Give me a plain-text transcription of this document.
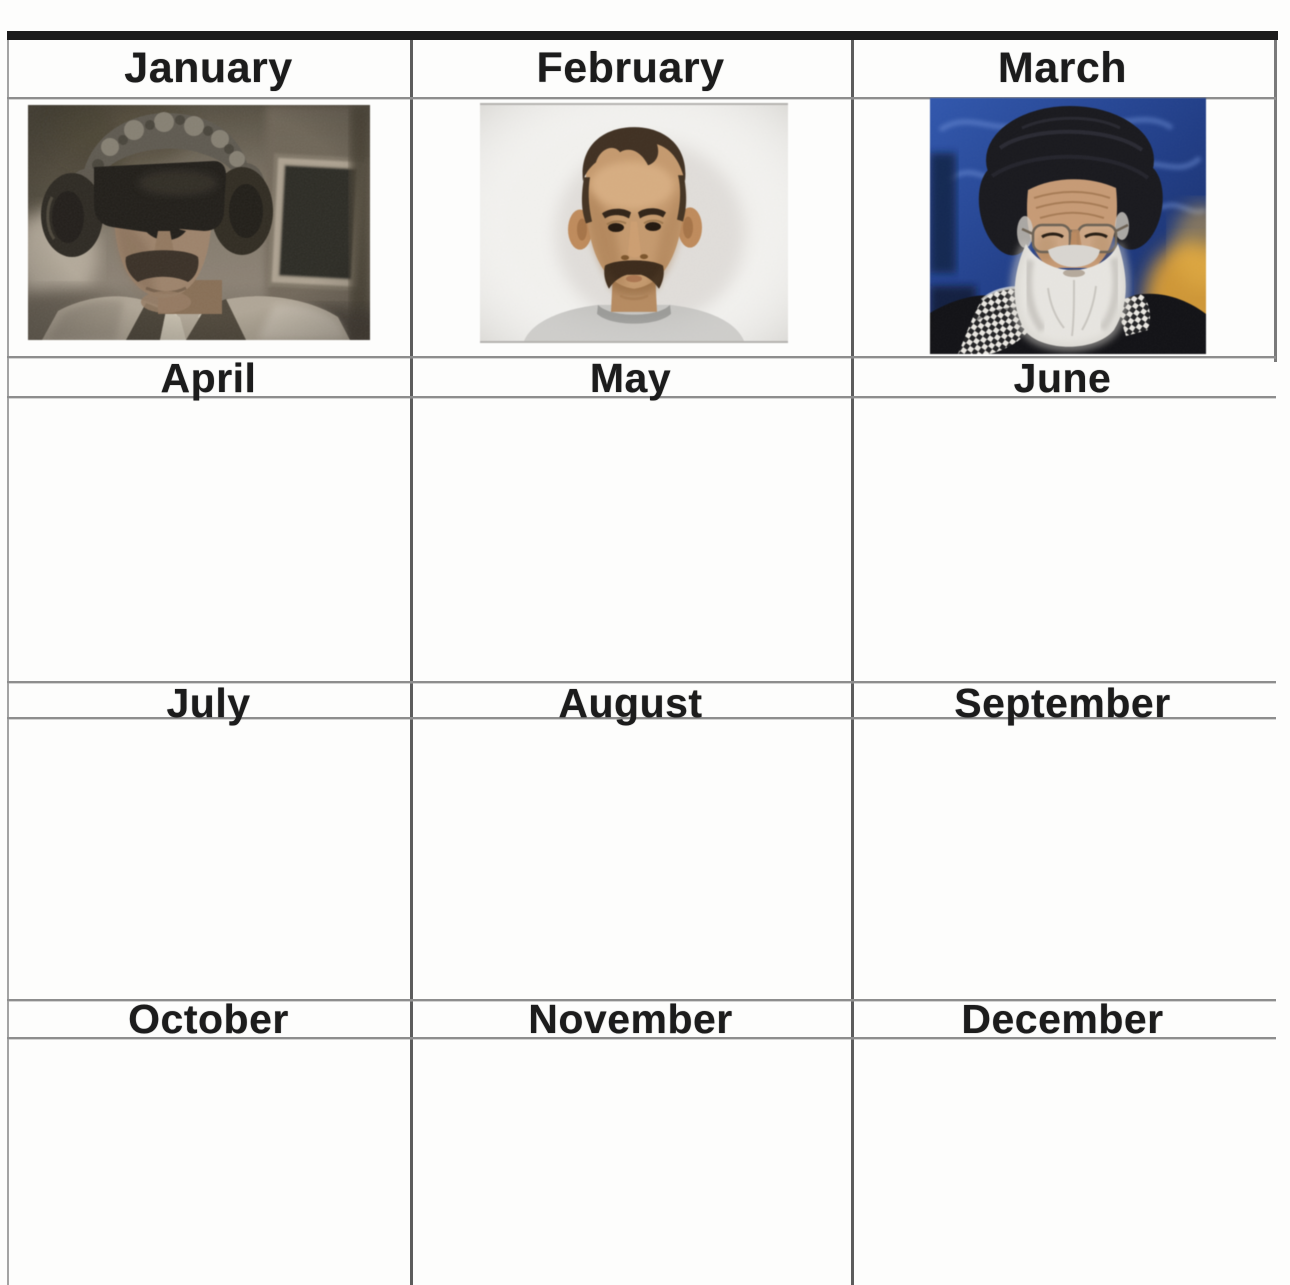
January	February	March
April	May	June
July	August	September
October	November	December
